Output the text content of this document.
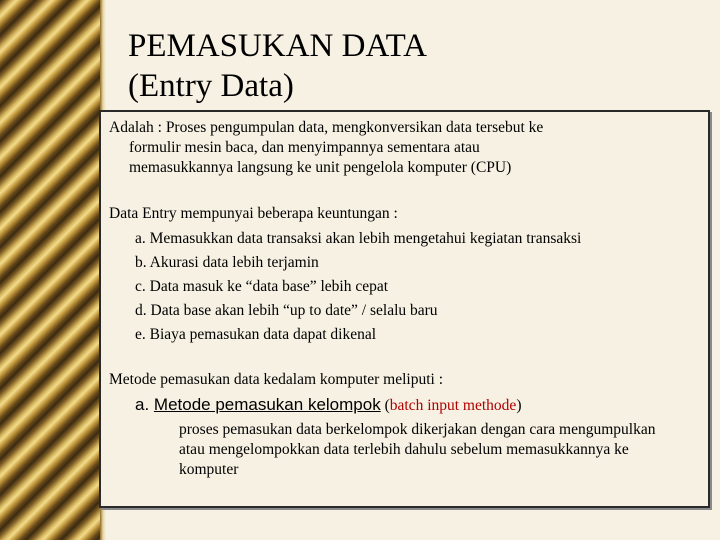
PEMASUKAN DATA
(Entry Data)

Adalah : Proses pengumpulan data, mengkonversikan data tersebut ke
formulir mesin baca, dan menyimpannya sementara atau
memasukkannya langsung ke unit pengelola komputer (CPU)

Data Entry mempunyai beberapa keuntungan :

a. Memasukkan data transaksi akan lebih mengetahui kegiatan transaksi
b. Akurasi data lebih terjamin
c. Data masuk ke “data base” lebih cepat
d. Data base akan lebih “up to date” / selalu baru
e. Biaya pemasukan data dapat dikenal

Metode pemasukan data kedalam komputer meliputi :

a. Metode pemasukan kelompok (batch input methode)

proses pemasukan data berkelompok dikerjakan dengan cara mengumpulkan atau mengelompokkan data terlebih dahulu sebelum memasukkannya ke komputer
